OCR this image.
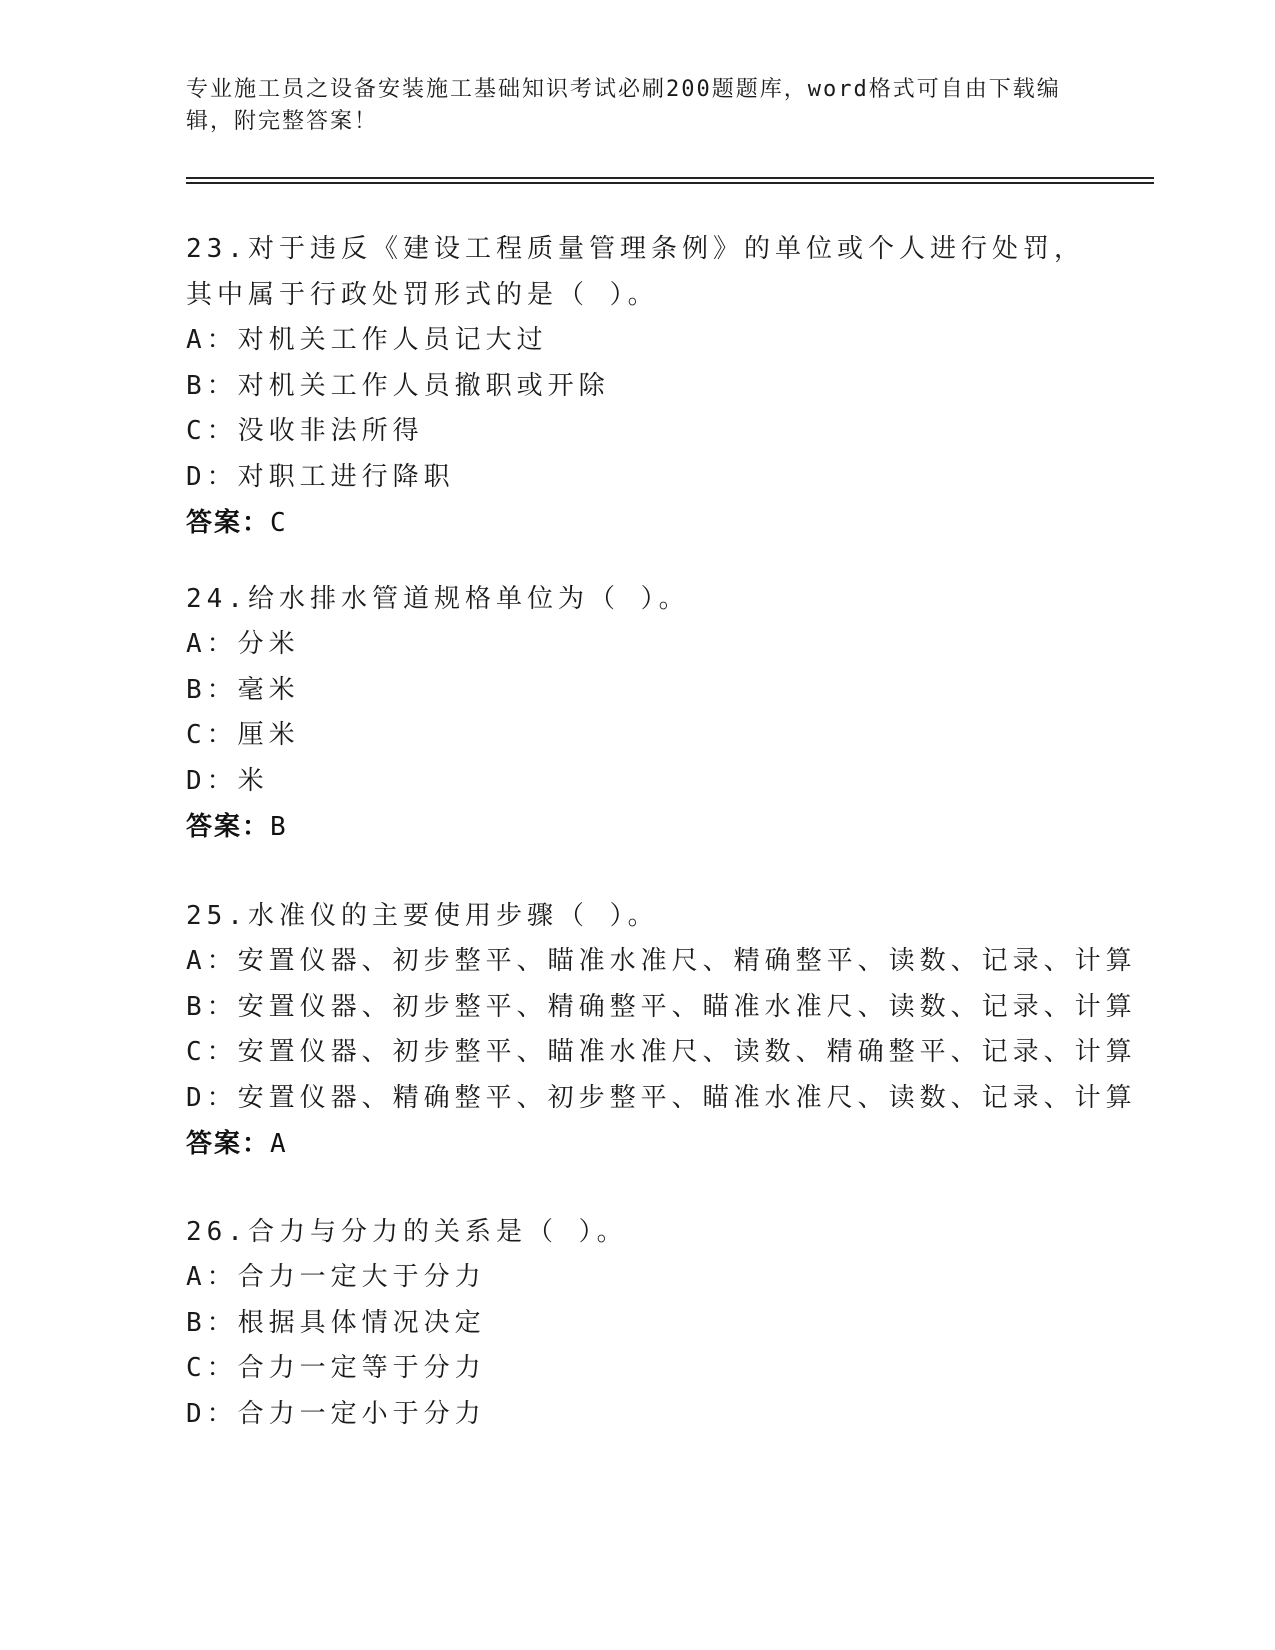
专业施工员之设备安装施工基础知识考试必刷200题题库，word格式可自由下载编辑，附完整答案！

23.对于违反《建设工程质量管理条例》的单位或个人进行处罚，其中属于行政处罚形式的是（ ）。

A：对机关工作人员记大过
B：对机关工作人员撤职或开除
C：没收非法所得
D：对职工进行降职
答案：C

24.给水排水管道规格单位为（ ）。

A：分米
B：毫米
C：厘米
D：米
答案：B

25.水准仪的主要使用步骤（ ）。

A：安置仪器、初步整平、瞄准水准尺、精确整平、读数、记录、计算
B：安置仪器、初步整平、精确整平、瞄准水准尺、读数、记录、计算
C：安置仪器、初步整平、瞄准水准尺、读数、精确整平、记录、计算
D：安置仪器、精确整平、初步整平、瞄准水准尺、读数、记录、计算
答案：A

26.合力与分力的关系是（ ）。

A：合力一定大于分力
B：根据具体情况决定
C：合力一定等于分力
D：合力一定小于分力
